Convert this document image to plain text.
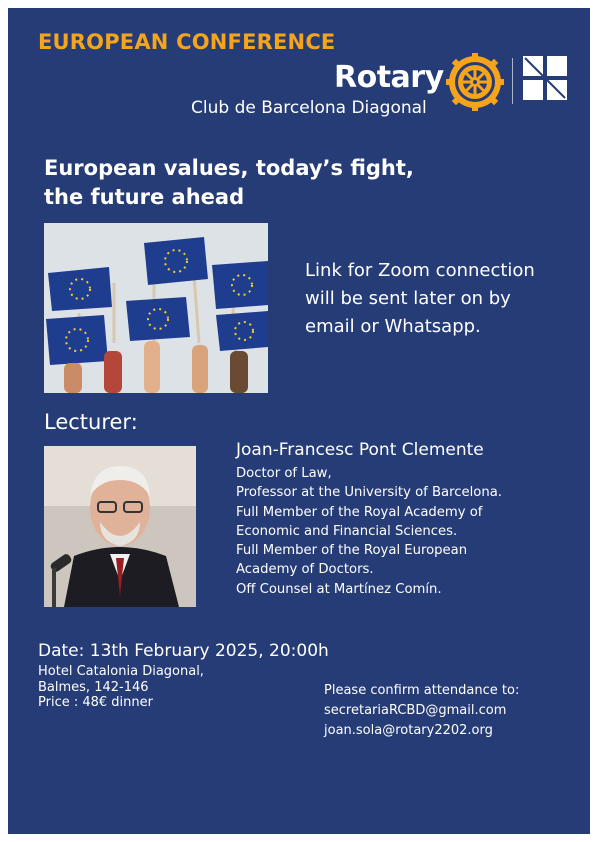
EUROPEAN CONFERENCE
Rotary
Club de Barcelona Diagonal
European values, today’s fight,
the future ahead
Link for Zoom connection
will be sent later on by
email or Whatsapp.
Lecturer:
Joan-Francesc Pont Clemente
Doctor of Law,
Professor at the University of Barcelona.
Full Member of the Royal Academy of
Economic and Financial Sciences.
Full Member of the Royal European
Academy of Doctors.
Off Counsel at Martínez Comín.
Date: 13th February 2025, 20:00h
Hotel Catalonia Diagonal,
Balmes, 142-146
Price : 48€ dinner
Please confirm attendance to:
secretariaRCBD@gmail.com
joan.sola@rotary2202.org
